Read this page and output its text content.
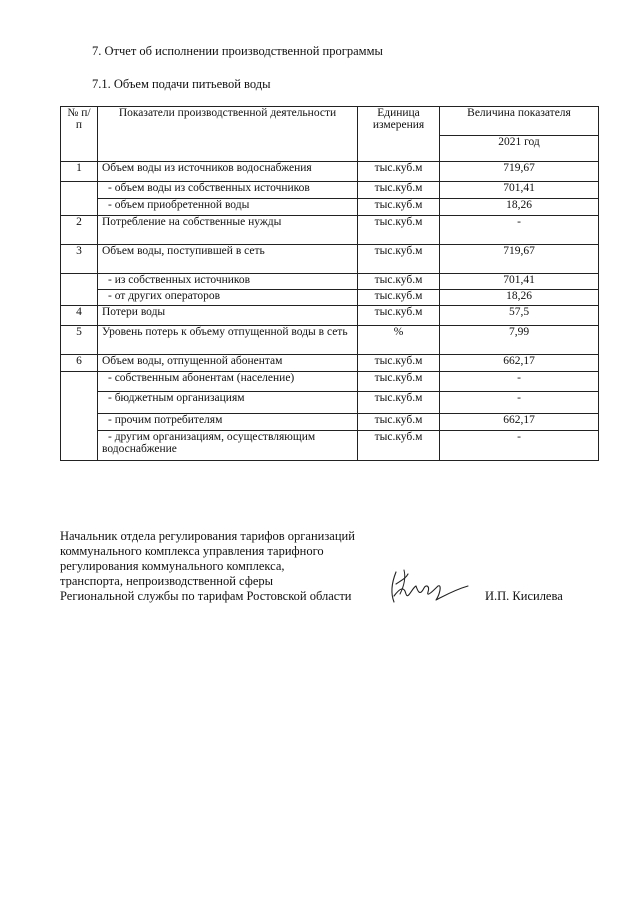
7. Отчет об исполнении производственной программы
7.1. Объем подачи питьевой воды
№ п/п	Показатели производственной деятельности	Единица измерения	Величина показателя
			2021 год
1	Объем воды из источников водоснабжения	тыс.куб.м	719,67
	- объем воды из собственных источников	тыс.куб.м	701,41
	- объем приобретенной воды	тыс.куб.м	18,26
2	Потребление на собственные нужды	тыс.куб.м	-
3	Объем воды, поступившей в сеть	тыс.куб.м	719,67
	- из собственных источников	тыс.куб.м	701,41
	- от других операторов	тыс.куб.м	18,26
4	Потери воды	тыс.куб.м	57,5
5	Уровень потерь к объему отпущенной воды в сеть	%	7,99
6	Объем воды, отпущенной абонентам	тыс.куб.м	662,17
	- собственным абонентам (население)	тыс.куб.м	-
	- бюджетным организациям	тыс.куб.м	-
	- прочим потребителям	тыс.куб.м	662,17
	- другим организациям, осуществляющим водоснабжение	тыс.куб.м	-
Начальник отдела регулирования тарифов организаций
коммунального комплекса управления тарифного
регулирования коммунального комплекса,
транспорта, непроизводственной сферы
Региональной службы по тарифам Ростовской области	И.П. Кисилева
